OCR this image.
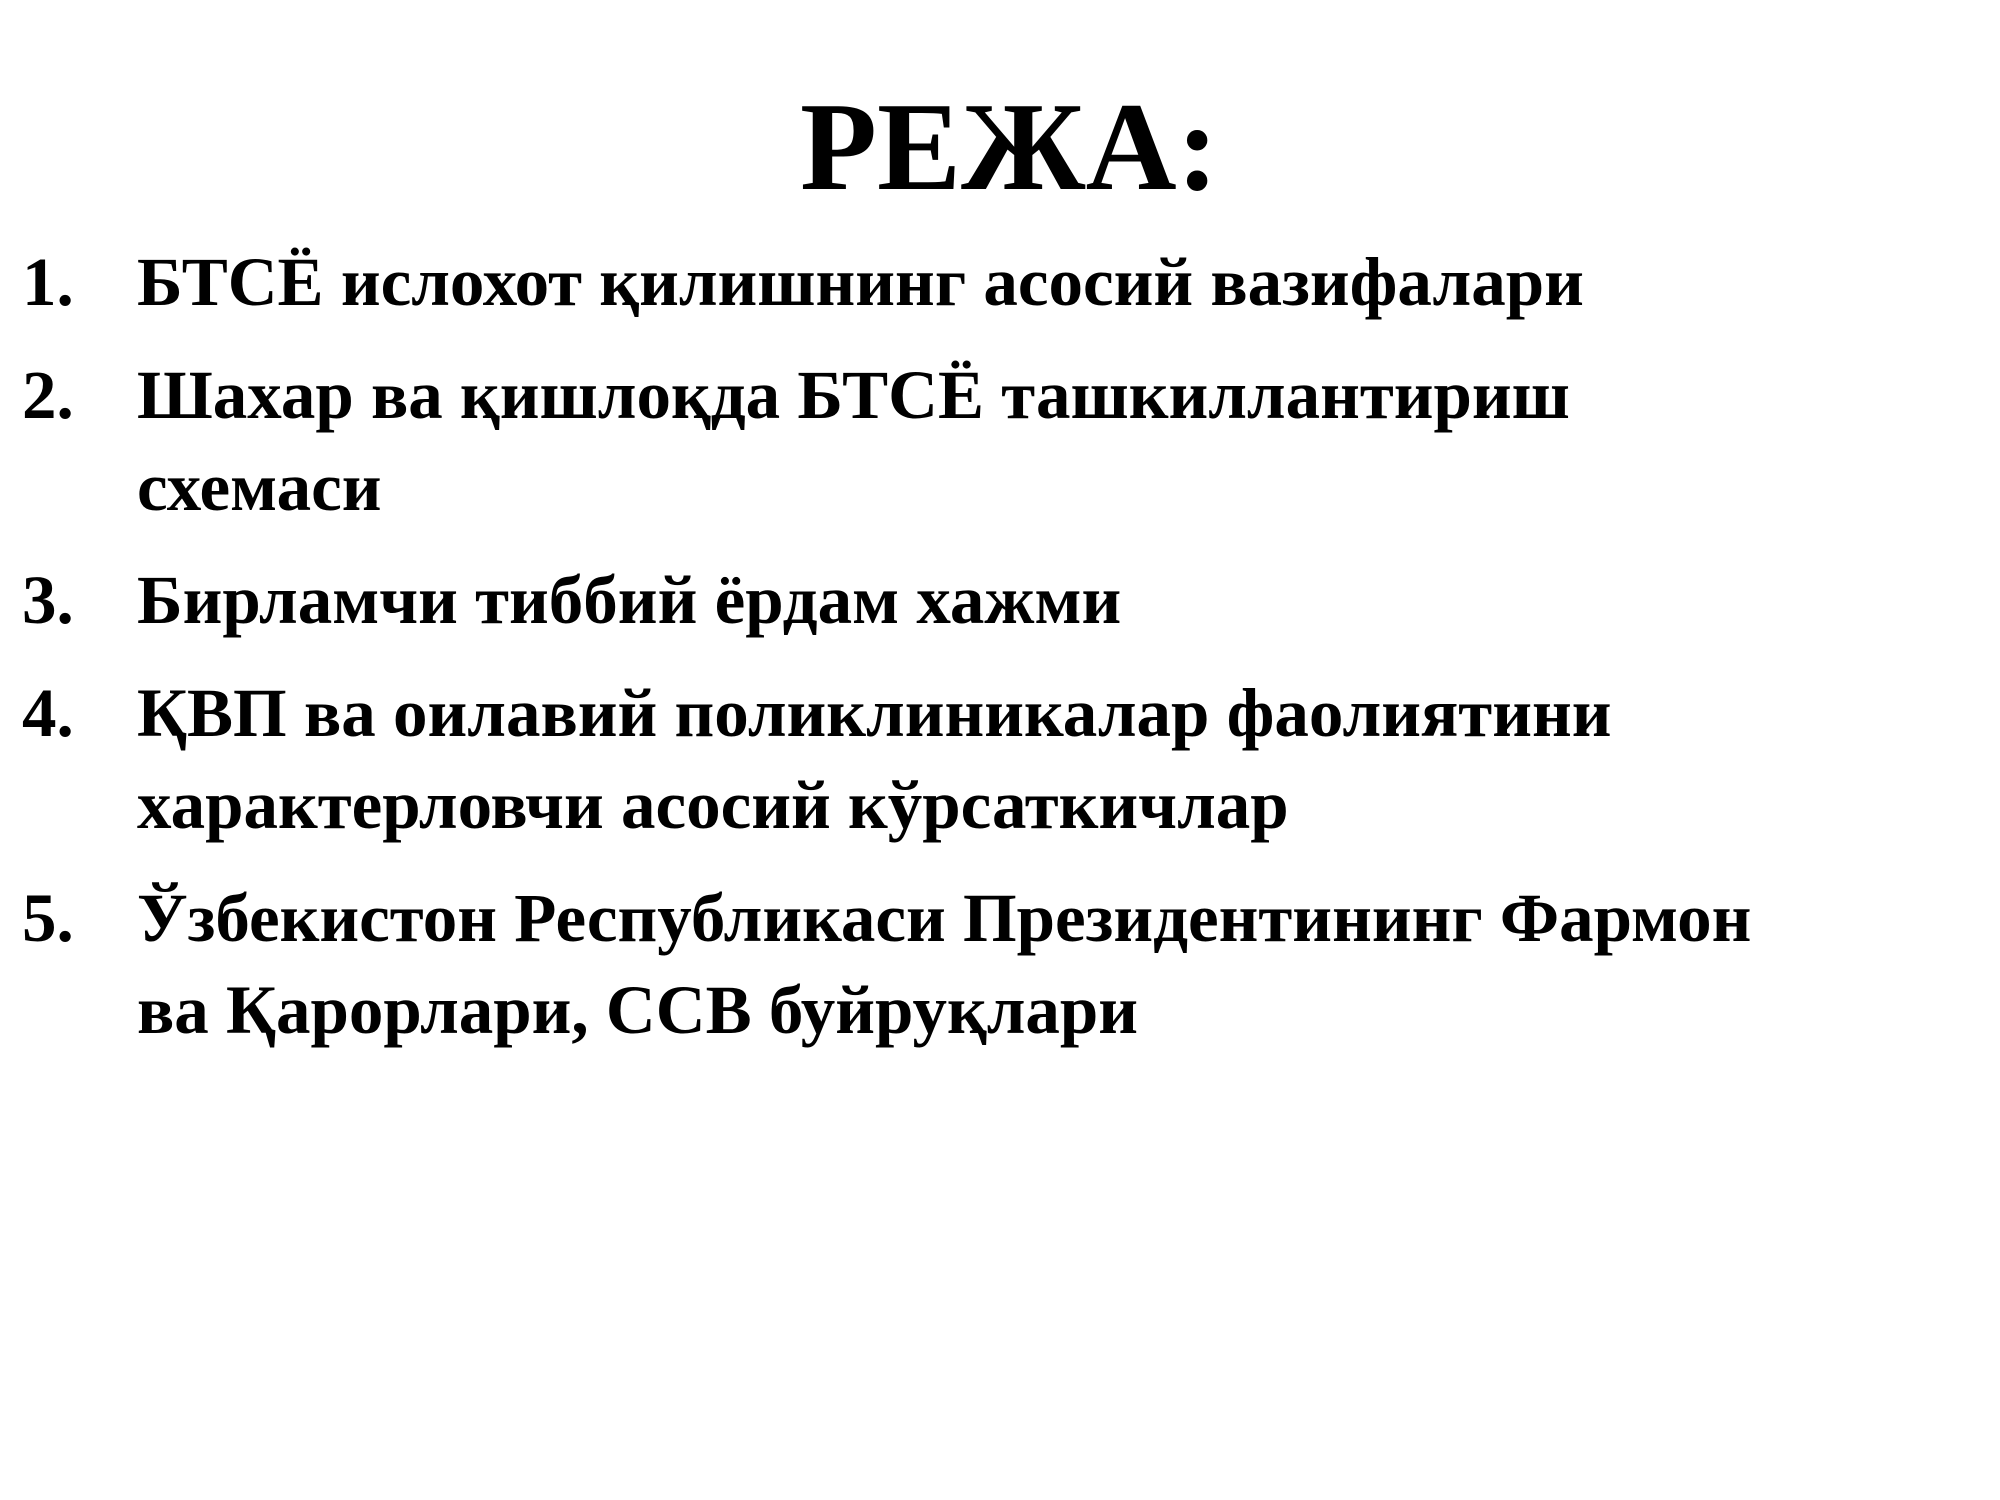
РЕЖА:
1. БТСЁ ислохот қилишнинг асосий вазифалари
2. Шахар ва қишлоқда БТСЁ ташкиллантириш
схемаси
3. Бирламчи тиббий ёрдам хажми
4. ҚВП ва оилавий поликлиникалар фаолиятини
характерловчи асосий кўрсаткичлар
5. Ўзбекистон Республикаси Президентининг Фармон
ва Қарорлари, ССВ буйруқлари
